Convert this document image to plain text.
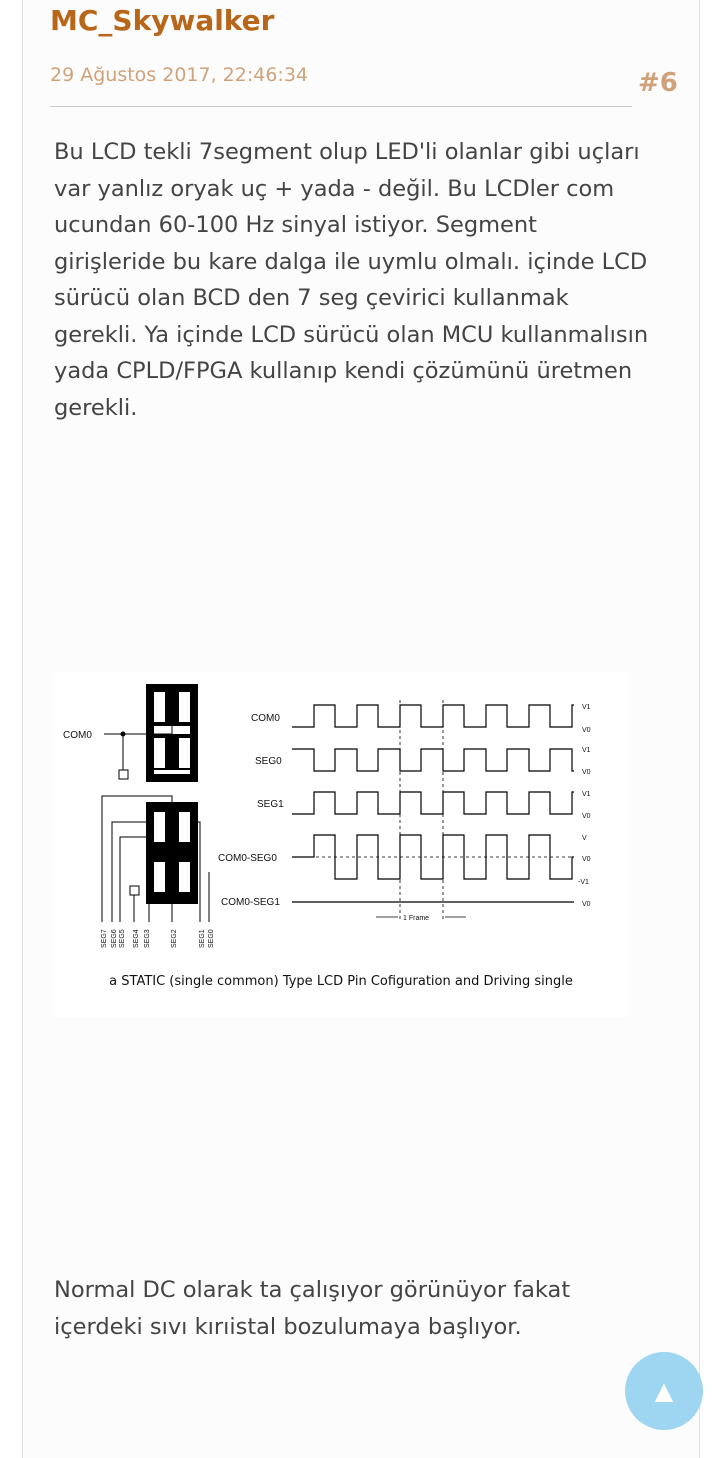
MC_Skywalker
29 Ağustos 2017, 22:46:34	#6

Bu LCD tekli 7segment olup LED'li olanlar gibi uçları var yanlız oryak uç + yada - değil. Bu LCDler com ucundan 60-100 Hz sinyal istiyor. Segment girişleride bu kare dalga ile uymlu olmalı. içinde LCD sürücü olan BCD den 7 seg çevirici kullanmak gerekli. Ya içinde LCD sürücü olan MCU kullanmalısın yada CPLD/FPGA kullanıp kendi çözümünü üretmen gerekli.

COM0
SEG7 SEG6 SEG5 SEG4 SEG3	SEG2	SEG1 SEG0
COM0
SEG0
SEG1
COM0-SEG0
COM0-SEG1
1 Frame
V1
V0
V1
V0
V1
V0
V
V0
-V1
V0
a STATIC (single common) Type LCD Pin Cofiguration and Driving single

Normal DC olarak ta çalışıyor görünüyor fakat içerdeki sıvı kırıistal bozulumaya başlıyor.

▲
